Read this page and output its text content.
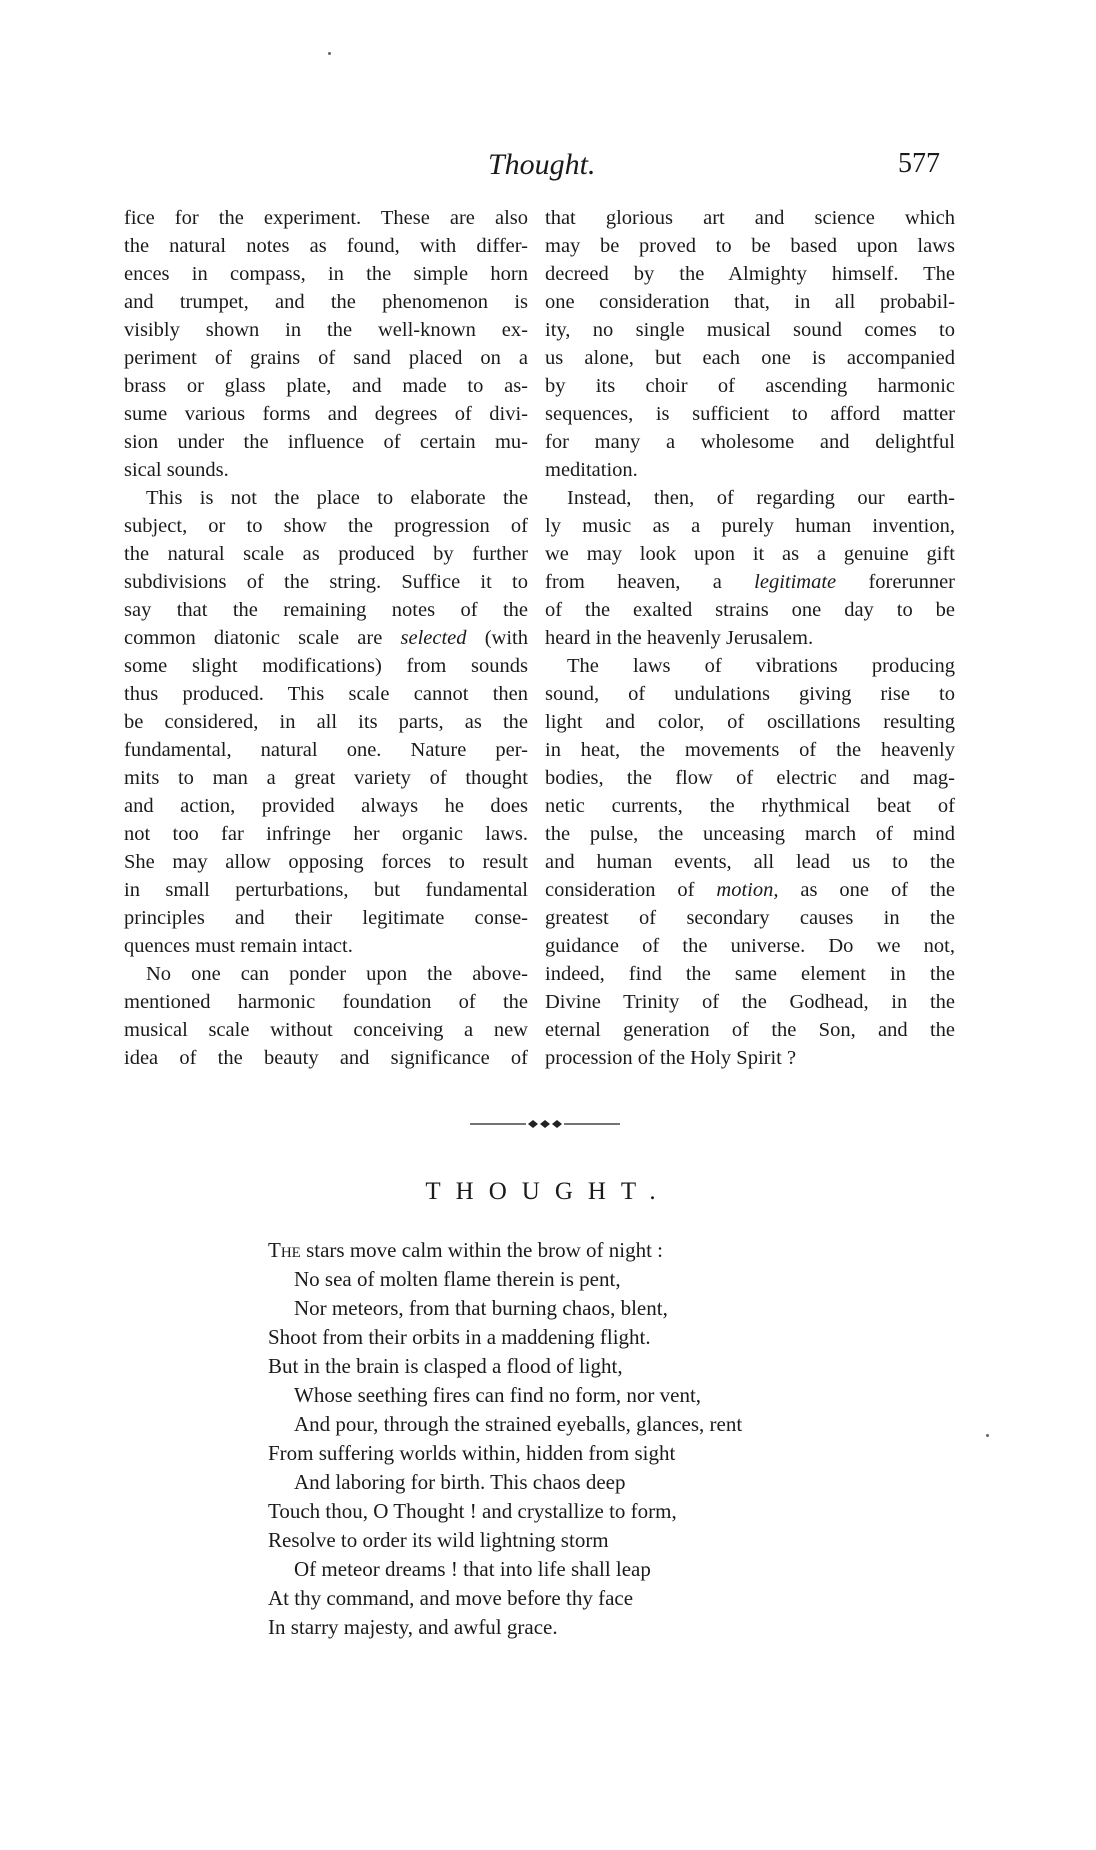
Thought.	577
fice for the experiment. These are also
the natural notes as found, with differ-
ences in compass, in the simple horn
and trumpet, and the phenomenon is
visibly shown in the well-known ex-
periment of grains of sand placed on a
brass or glass plate, and made to as-
sume various forms and degrees of divi-
sion under the influence of certain mu-
sical sounds.
This is not the place to elaborate the
subject, or to show the progression of
the natural scale as produced by further
subdivisions of the string. Suffice it to
say that the remaining notes of the
common diatonic scale are selected (with
some slight modifications) from sounds
thus produced. This scale cannot then
be considered, in all its parts, as the
fundamental, natural one. Nature per-
mits to man a great variety of thought
and action, provided always he does
not too far infringe her organic laws.
She may allow opposing forces to result
in small perturbations, but fundamental
principles and their legitimate conse-
quences must remain intact.
No one can ponder upon the above-
mentioned harmonic foundation of the
musical scale without conceiving a new
idea of the beauty and significance of
that glorious art and science which
may be proved to be based upon laws
decreed by the Almighty himself. The
one consideration that, in all probabil-
ity, no single musical sound comes to
us alone, but each one is accompanied
by its choir of ascending harmonic
sequences, is sufficient to afford matter
for many a wholesome and delightful
meditation.
Instead, then, of regarding our earth-
ly music as a purely human invention,
we may look upon it as a genuine gift
from heaven, a legitimate forerunner
of the exalted strains one day to be
heard in the heavenly Jerusalem.
The laws of vibrations producing
sound, of undulations giving rise to
light and color, of oscillations resulting
in heat, the movements of the heavenly
bodies, the flow of electric and mag-
netic currents, the rhythmical beat of
the pulse, the unceasing march of mind
and human events, all lead us to the
consideration of motion, as one of the
greatest of secondary causes in the
guidance of the universe. Do we not,
indeed, find the same element in the
Divine Trinity of the Godhead, in the
eternal generation of the Son, and the
procession of the Holy Spirit ?
THOUGHT.
The stars move calm within the brow of night :
No sea of molten flame therein is pent,
Nor meteors, from that burning chaos, blent,
Shoot from their orbits in a maddening flight.
But in the brain is clasped a flood of light,
Whose seething fires can find no form, nor vent,
And pour, through the strained eyeballs, glances, rent
From suffering worlds within, hidden from sight
And laboring for birth. This chaos deep
Touch thou, O Thought ! and crystallize to form,
Resolve to order its wild lightning storm
Of meteor dreams ! that into life shall leap
At thy command, and move before thy face
In starry majesty, and awful grace.
